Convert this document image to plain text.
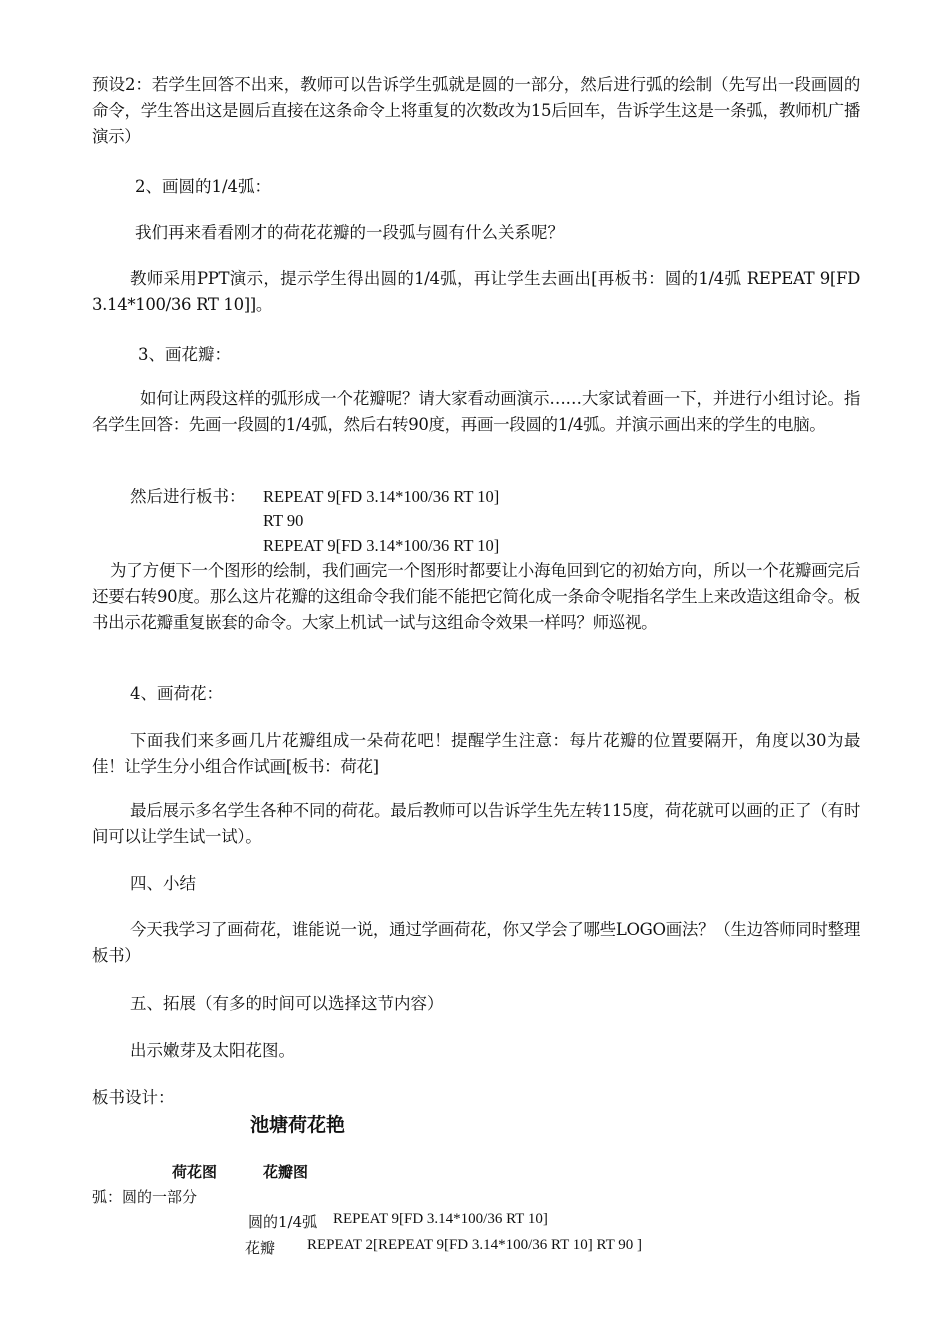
预设2：若学生回答不出来，教师可以告诉学生弧就是圆的一部分，然后进行弧的绘制（先写出一段画圆的命令，学生答出这是圆后直接在这条命令上将重复的次数改为15后回车，告诉学生这是一条弧，教师机广播演示）
2、画圆的1/4弧：
我们再来看看刚才的荷花花瓣的一段弧与圆有什么关系呢？
教师采用PPT演示，提示学生得出圆的1/4弧，再让学生去画出[再板书：圆的1/4弧 REPEAT 9[FD 3.14*100/36 RT 10]]。
3、画花瓣：
如何让两段这样的弧形成一个花瓣呢？请大家看动画演示……大家试着画一下，并进行小组讨论。指名学生回答：先画一段圆的1/4弧，然后右转90度，再画一段圆的1/4弧。并演示画出来的学生的电脑。
然后进行板书： REPEAT 9[FD 3.14*100/36 RT 10]
RT 90
REPEAT 9[FD 3.14*100/36 RT 10]
为了方便下一个图形的绘制，我们画完一个图形时都要让小海龟回到它的初始方向，所以一个花瓣画完后还要右转90度。那么这片花瓣的这组命令我们能不能把它简化成一条命令呢指名学生上来改造这组命令。板书出示花瓣重复嵌套的命令。大家上机试一试与这组命令效果一样吗？师巡视。
4、画荷花：
下面我们来多画几片花瓣组成一朵荷花吧！提醒学生注意：每片花瓣的位置要隔开，角度以30为最佳！让学生分小组合作试画[板书：荷花]
最后展示多名学生各种不同的荷花。最后教师可以告诉学生先左转115度，荷花就可以画的正了（有时间可以让学生试一试）。
四、小结
今天我学习了画荷花，谁能说一说，通过学画荷花，你又学会了哪些LOGO画法？（生边答师同时整理板书）
五、拓展（有多的时间可以选择这节内容）
出示嫩芽及太阳花图。
板书设计：
池塘荷花艳
荷花图	花瓣图
弧：圆的一部分
圆的1/4弧 REPEAT 9[FD 3.14*100/36 RT 10]
花瓣 REPEAT 2[REPEAT 9[FD 3.14*100/36 RT 10] RT 90 ]
